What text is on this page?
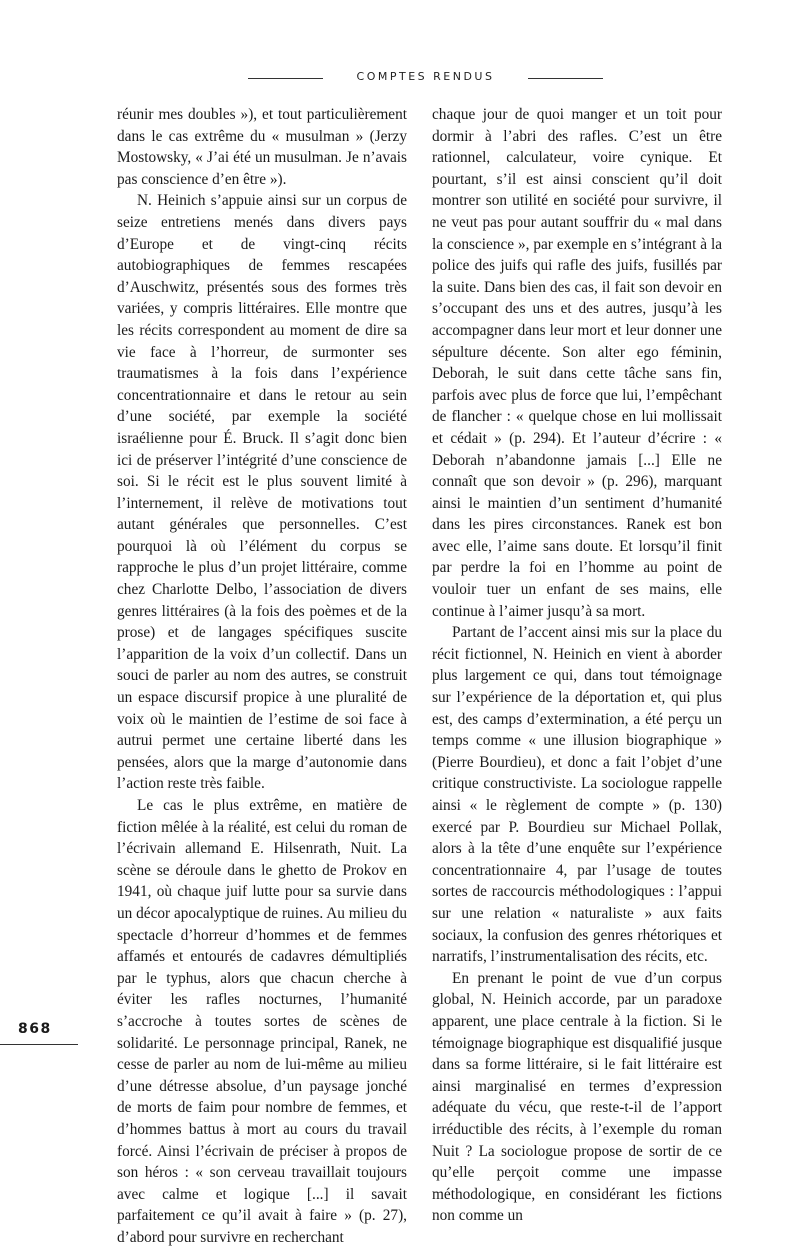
COMPTES RENDUS

réunir mes doubles »), et tout particulièrement dans le cas extrême du « musulman » (Jerzy Mostowsky, « J’ai été un musulman. Je n’avais pas conscience d’en être »).

N. Heinich s’appuie ainsi sur un corpus de seize entretiens menés dans divers pays d’Europe et de vingt-cinq récits autobiographiques de femmes rescapées d’Auschwitz, présentés sous des formes très variées, y compris littéraires. Elle montre que les récits correspondent au moment de dire sa vie face à l’horreur, de surmonter ses traumatismes à la fois dans l’expérience concentrationnaire et dans le retour au sein d’une société, par exemple la société israélienne pour É. Bruck. Il s’agit donc bien ici de préserver l’intégrité d’une conscience de soi. Si le récit est le plus souvent limité à l’internement, il relève de motivations tout autant générales que personnelles. C’est pourquoi là où l’élément du corpus se rapproche le plus d’un projet littéraire, comme chez Charlotte Delbo, l’association de divers genres littéraires (à la fois des poèmes et de la prose) et de langages spécifiques suscite l’apparition de la voix d’un collectif. Dans un souci de parler au nom des autres, se construit un espace discursif propice à une pluralité de voix où le maintien de l’estime de soi face à autrui permet une certaine liberté dans les pensées, alors que la marge d’autonomie dans l’action reste très faible.

Le cas le plus extrême, en matière de fiction mêlée à la réalité, est celui du roman de l’écrivain allemand E. Hilsenrath, Nuit. La scène se déroule dans le ghetto de Prokov en 1941, où chaque juif lutte pour sa survie dans un décor apocalyptique de ruines. Au milieu du spectacle d’horreur d’hommes et de femmes affamés et entourés de cadavres démultipliés par le typhus, alors que chacun cherche à éviter les rafles nocturnes, l’humanité s’accroche à toutes sortes de scènes de solidarité. Le personnage principal, Ranek, ne cesse de parler au nom de lui-même au milieu d’une détresse absolue, d’un paysage jonché de morts de faim pour nombre de femmes, et d’hommes battus à mort au cours du travail forcé. Ainsi l’écrivain de préciser à propos de son héros : « son cerveau travaillait toujours avec calme et logique [...] il savait parfaitement ce qu’il avait à faire » (p. 27), d’abord pour survivre en recherchant

chaque jour de quoi manger et un toit pour dormir à l’abri des rafles. C’est un être rationnel, calculateur, voire cynique. Et pourtant, s’il est ainsi conscient qu’il doit montrer son utilité en société pour survivre, il ne veut pas pour autant souffrir du « mal dans la conscience », par exemple en s’intégrant à la police des juifs qui rafle des juifs, fusillés par la suite. Dans bien des cas, il fait son devoir en s’occupant des uns et des autres, jusqu’à les accompagner dans leur mort et leur donner une sépulture décente. Son alter ego féminin, Deborah, le suit dans cette tâche sans fin, parfois avec plus de force que lui, l’empêchant de flancher : « quelque chose en lui mollissait et cédait » (p. 294). Et l’auteur d’écrire : « Deborah n’abandonne jamais [...] Elle ne connaît que son devoir » (p. 296), marquant ainsi le maintien d’un sentiment d’humanité dans les pires circonstances. Ranek est bon avec elle, l’aime sans doute. Et lorsqu’il finit par perdre la foi en l’homme au point de vouloir tuer un enfant de ses mains, elle continue à l’aimer jusqu’à sa mort.

Partant de l’accent ainsi mis sur la place du récit fictionnel, N. Heinich en vient à aborder plus largement ce qui, dans tout témoignage sur l’expérience de la déportation et, qui plus est, des camps d’extermination, a été perçu un temps comme « une illusion biographique » (Pierre Bourdieu), et donc a fait l’objet d’une critique constructiviste. La sociologue rappelle ainsi « le règlement de compte » (p. 130) exercé par P. Bourdieu sur Michael Pollak, alors à la tête d’une enquête sur l’expérience concentrationnaire 4, par l’usage de toutes sortes de raccourcis méthodologiques : l’appui sur une relation « naturaliste » aux faits sociaux, la confusion des genres rhétoriques et narratifs, l’instrumentalisation des récits, etc.

En prenant le point de vue d’un corpus global, N. Heinich accorde, par un paradoxe apparent, une place centrale à la fiction. Si le témoignage biographique est disqualifié jusque dans sa forme littéraire, si le fait littéraire est ainsi marginalisé en termes d’expression adéquate du vécu, que reste-t-il de l’apport irréductible des récits, à l’exemple du roman Nuit ? La sociologue propose de sortir de ce qu’elle perçoit comme une impasse méthodologique, en considérant les fictions non comme un

868
